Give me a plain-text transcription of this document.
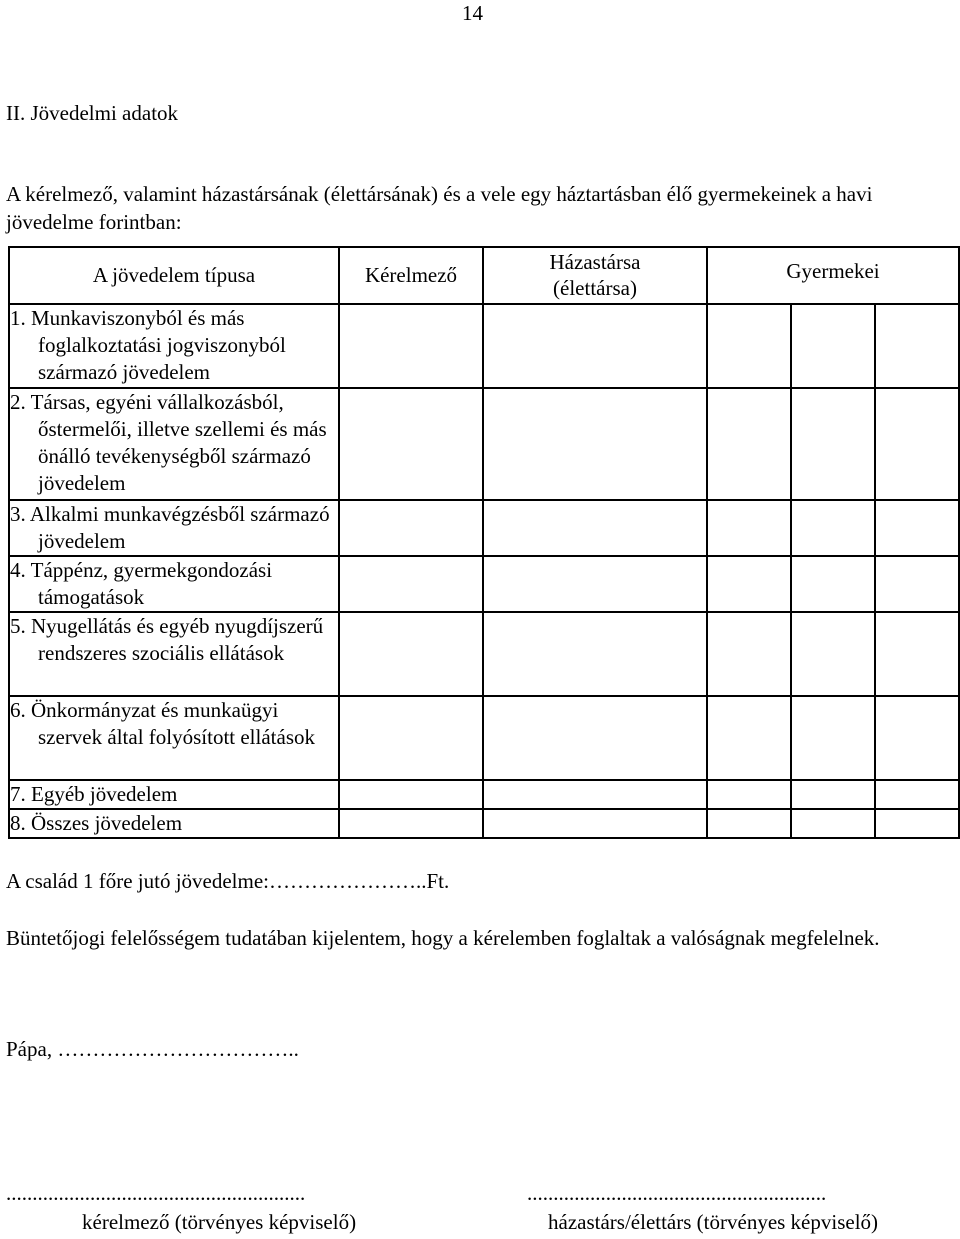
14
II. Jövedelmi adatok
A kérelmező, valamint házastársának (élettársának) és a vele egy háztartásban élő gyermekeinek a havi jövedelme forintban:
A jövedelem típusa	Kérelmező	Házastársa (élettársa)	Gyermekei		
1. Munkaviszonyból és más foglalkoztatási jogviszonyból származó jövedelem					
2. Társas, egyéni vállalkozásból, őstermelői, illetve szellemi és más önálló tevékenységből származó jövedelem					
3. Alkalmi munkavégzésből származó jövedelem					
4. Táppénz, gyermekgondozási támogatások					
5. Nyugellátás és egyéb nyugdíjszerű rendszeres szociális ellátások					
6. Önkormányzat és munkaügyi szervek által folyósított ellátások					
7. Egyéb jövedelem					
8. Összes jövedelem					
A család 1 főre jutó jövedelme:…………………..Ft.
Büntetőjogi felelősségem tudatában kijelentem, hogy a kérelemben foglaltak a valóságnak megfelelnek.
Pápa, ……………………………..
.........................................................	.........................................................
kérelmező (törvényes képviselő)	házastárs/élettárs (törvényes képviselő)
